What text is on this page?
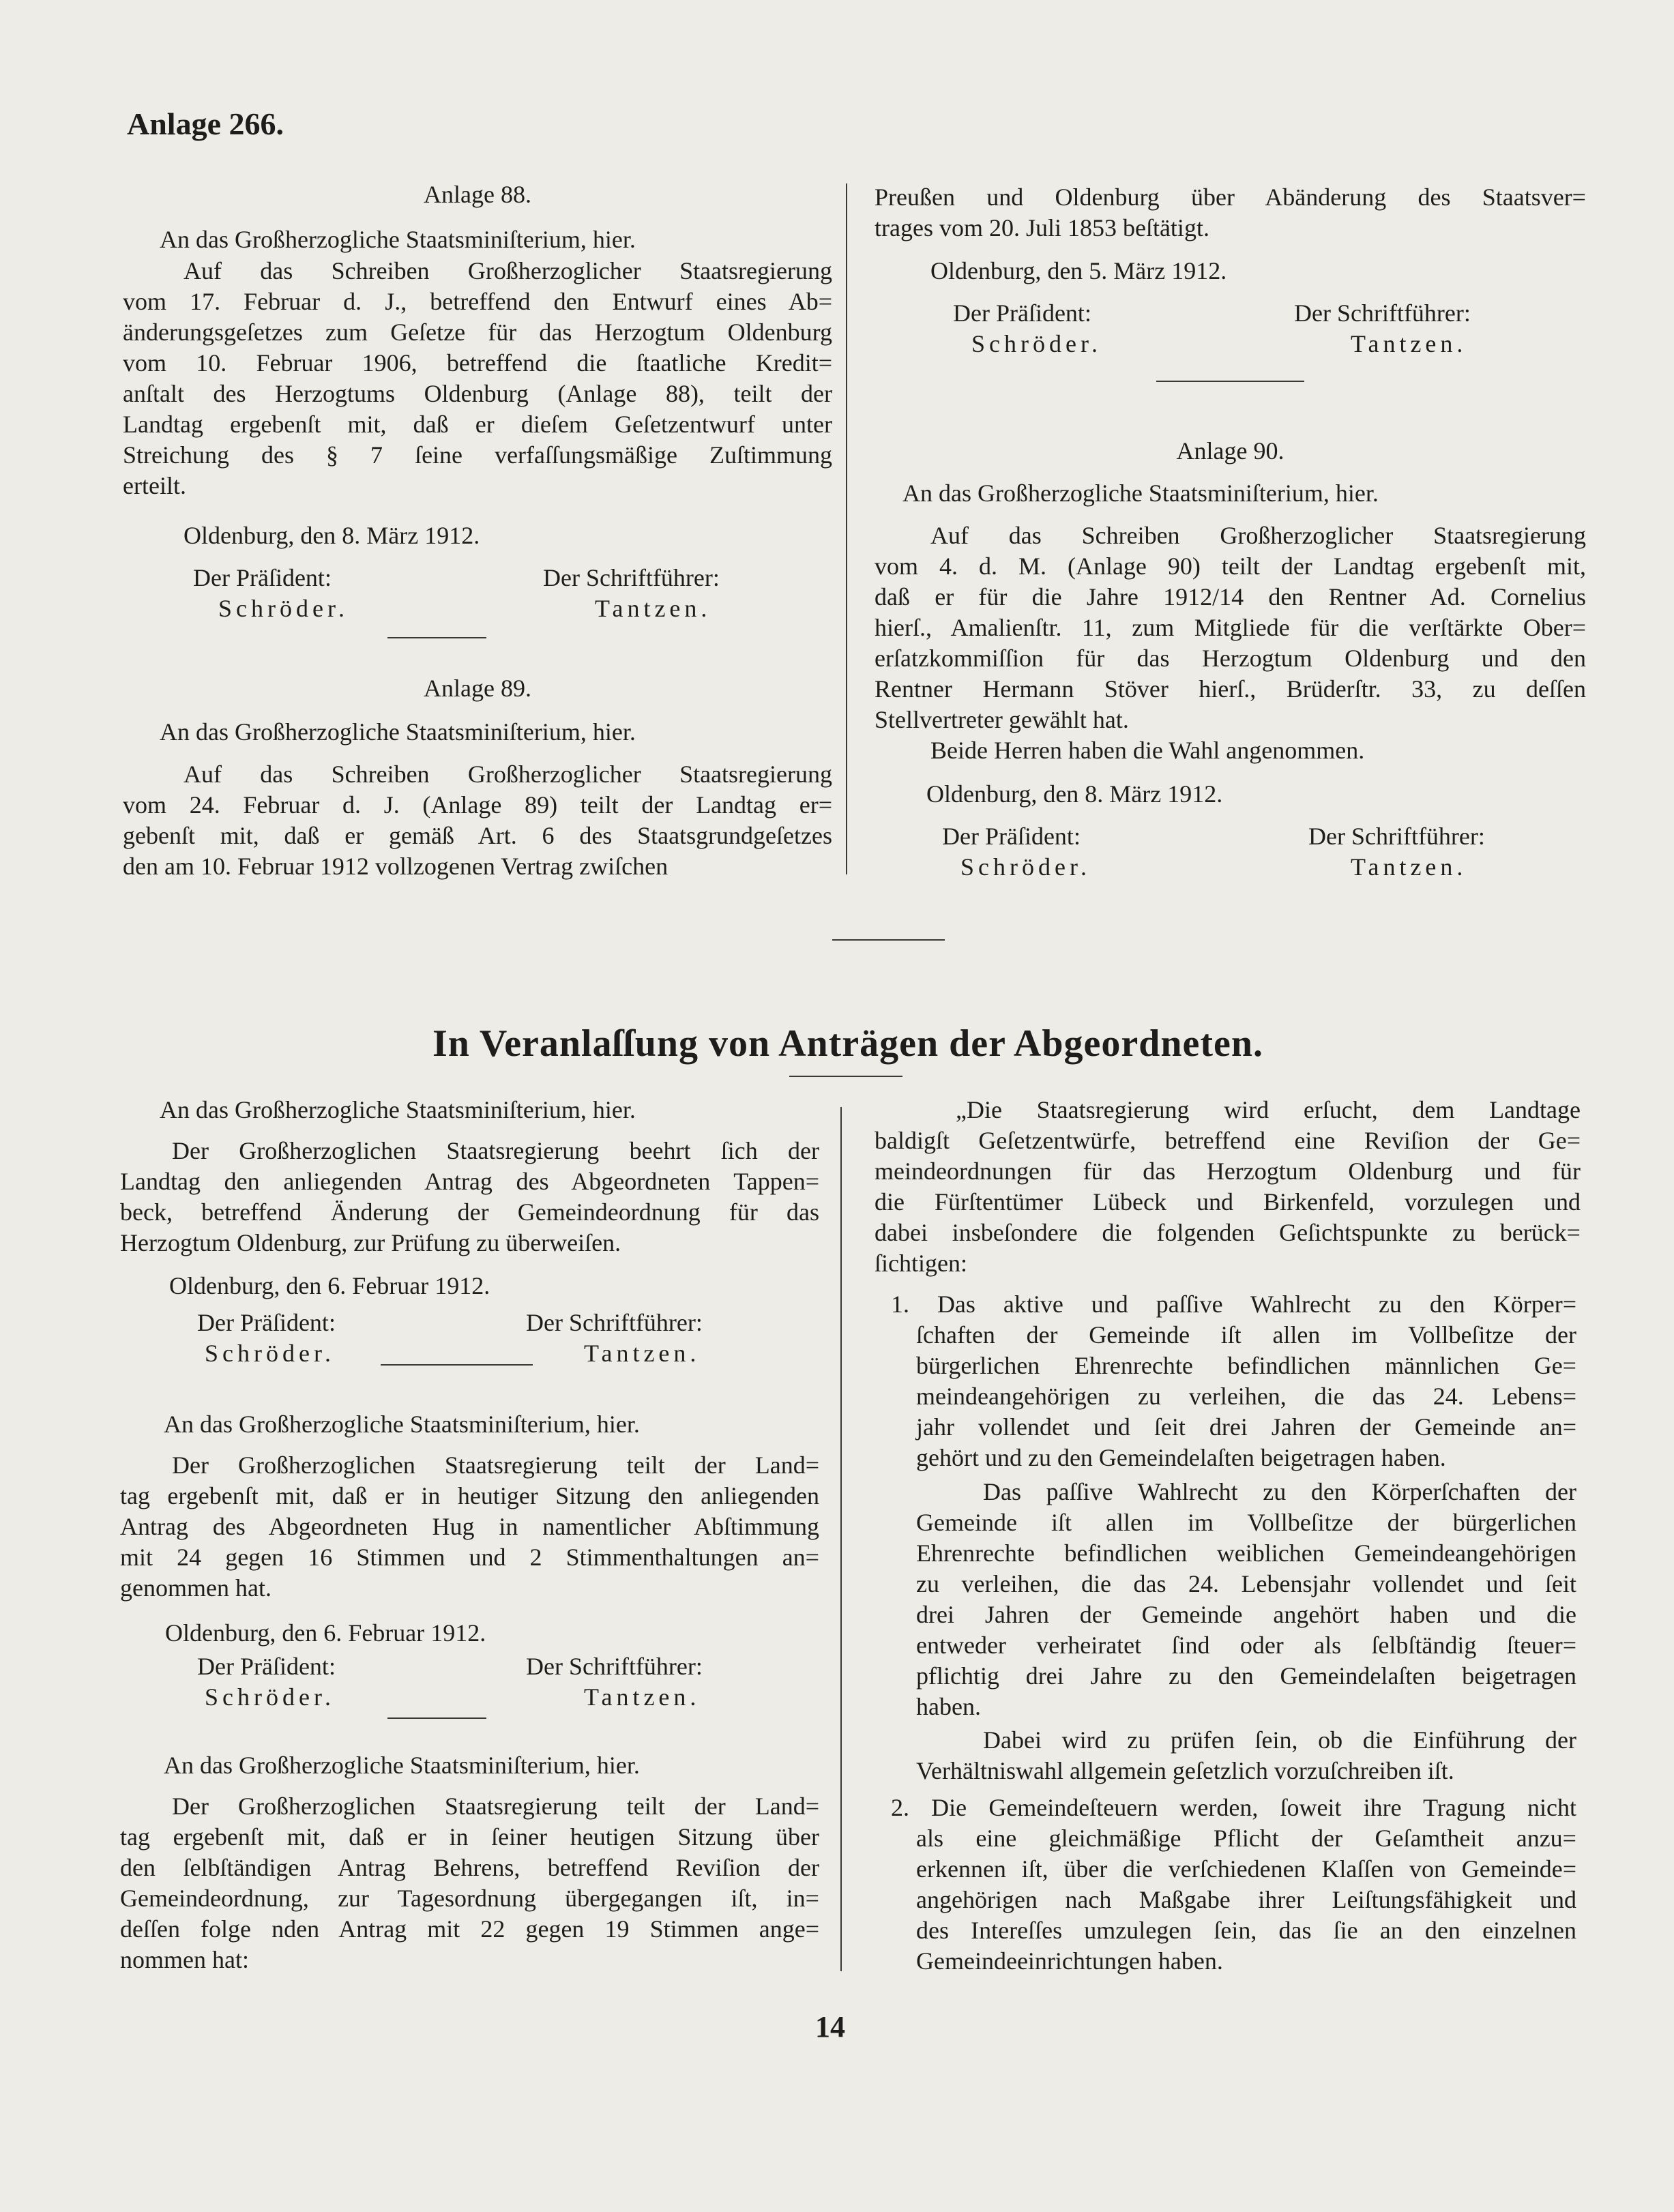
Anlage 266.
Anlage 88.
An das Großherzogliche Staatsminiſterium, hier.
Auf das Schreiben Großherzoglicher Staatsregierung
vom 17. Februar d. J., betreffend den Entwurf eines Ab=
änderungsgeſetzes zum Geſetze für das Herzogtum Oldenburg
vom 10. Februar 1906, betreffend die ſtaatliche Kredit=
anſtalt des Herzogtums Oldenburg (Anlage 88), teilt der
Landtag ergebenſt mit, daß er dieſem Geſetzentwurf unter
Streichung des § 7 ſeine verfaſſungsmäßige Zuſtimmung
erteilt.
Oldenburg, den 8. März 1912.
Der Präſident:	Der Schriftführer:
Schröder.	Tantzen.
Anlage 89.
An das Großherzogliche Staatsminiſterium, hier.
Auf das Schreiben Großherzoglicher Staatsregierung
vom 24. Februar d. J. (Anlage 89) teilt der Landtag er=
gebenſt mit, daß er gemäß Art. 6 des Staatsgrundgeſetzes
den am 10. Februar 1912 vollzogenen Vertrag zwiſchen
Preußen und Oldenburg über Abänderung des Staatsver=
trages vom 20. Juli 1853 beſtätigt.
Oldenburg, den 5. März 1912.
Der Präſident:	Der Schriftführer:
Schröder.	Tantzen.
Anlage 90.
An das Großherzogliche Staatsminiſterium, hier.
Auf das Schreiben Großherzoglicher Staatsregierung
vom 4. d. M. (Anlage 90) teilt der Landtag ergebenſt mit,
daß er für die Jahre 1912/14 den Rentner Ad. Cornelius
hierſ., Amalienſtr. 11, zum Mitgliede für die verſtärkte Ober=
erſatzkommiſſion für das Herzogtum Oldenburg und den
Rentner Hermann Stöver hierſ., Brüderſtr. 33, zu deſſen
Stellvertreter gewählt hat.
Beide Herren haben die Wahl angenommen.
Oldenburg, den 8. März 1912.
Der Präſident:	Der Schriftführer:
Schröder.	Tantzen.
In Veranlaſſung von Anträgen der Abgeordneten.
An das Großherzogliche Staatsminiſterium, hier.
Der Großherzoglichen Staatsregierung beehrt ſich der
Landtag den anliegenden Antrag des Abgeordneten Tappen=
beck, betreffend Änderung der Gemeindeordnung für das
Herzogtum Oldenburg, zur Prüfung zu überweiſen.
Oldenburg, den 6. Februar 1912.
Der Präſident:	Der Schriftführer:
Schröder.	Tantzen.
An das Großherzogliche Staatsminiſterium, hier.
Der Großherzoglichen Staatsregierung teilt der Land=
tag ergebenſt mit, daß er in heutiger Sitzung den anliegenden
Antrag des Abgeordneten Hug in namentlicher Abſtimmung
mit 24 gegen 16 Stimmen und 2 Stimmenthaltungen an=
genommen hat.
Oldenburg, den 6. Februar 1912.
Der Präſident:	Der Schriftführer:
Schröder.	Tantzen.
An das Großherzogliche Staatsminiſterium, hier.
Der Großherzoglichen Staatsregierung teilt der Land=
tag ergebenſt mit, daß er in ſeiner heutigen Sitzung über
den ſelbſtändigen Antrag Behrens, betreffend Reviſion der
Gemeindeordnung, zur Tagesordnung übergegangen iſt, in=
deſſen folge nden Antrag mit 22 gegen 19 Stimmen ange=
nommen hat:
„Die Staatsregierung wird erſucht, dem Landtage
baldigſt Geſetzentwürfe, betreffend eine Reviſion der Ge=
meindeordnungen für das Herzogtum Oldenburg und für
die Fürſtentümer Lübeck und Birkenfeld, vorzulegen und
dabei insbeſondere die folgenden Geſichtspunkte zu berück=
ſichtigen:
1. Das aktive und paſſive Wahlrecht zu den Körper=
ſchaften der Gemeinde iſt allen im Vollbeſitze der
bürgerlichen Ehrenrechte befindlichen männlichen Ge=
meindeangehörigen zu verleihen, die das 24. Lebens=
jahr vollendet und ſeit drei Jahren der Gemeinde an=
gehört und zu den Gemeindelaſten beigetragen haben.
Das paſſive Wahlrecht zu den Körperſchaften der
Gemeinde iſt allen im Vollbeſitze der bürgerlichen
Ehrenrechte befindlichen weiblichen Gemeindeangehörigen
zu verleihen, die das 24. Lebensjahr vollendet und ſeit
drei Jahren der Gemeinde angehört haben und die
entweder verheiratet ſind oder als ſelbſtändig ſteuer=
pflichtig drei Jahre zu den Gemeindelaſten beigetragen
haben.
Dabei wird zu prüfen ſein, ob die Einführung der
Verhältniswahl allgemein geſetzlich vorzuſchreiben iſt.
2. Die Gemeindeſteuern werden, ſoweit ihre Tragung nicht
als eine gleichmäßige Pflicht der Geſamtheit anzu=
erkennen iſt, über die verſchiedenen Klaſſen von Gemeinde=
angehörigen nach Maßgabe ihrer Leiſtungsfähigkeit und
des Intereſſes umzulegen ſein, das ſie an den einzelnen
Gemeindeeinrichtungen haben.
14
